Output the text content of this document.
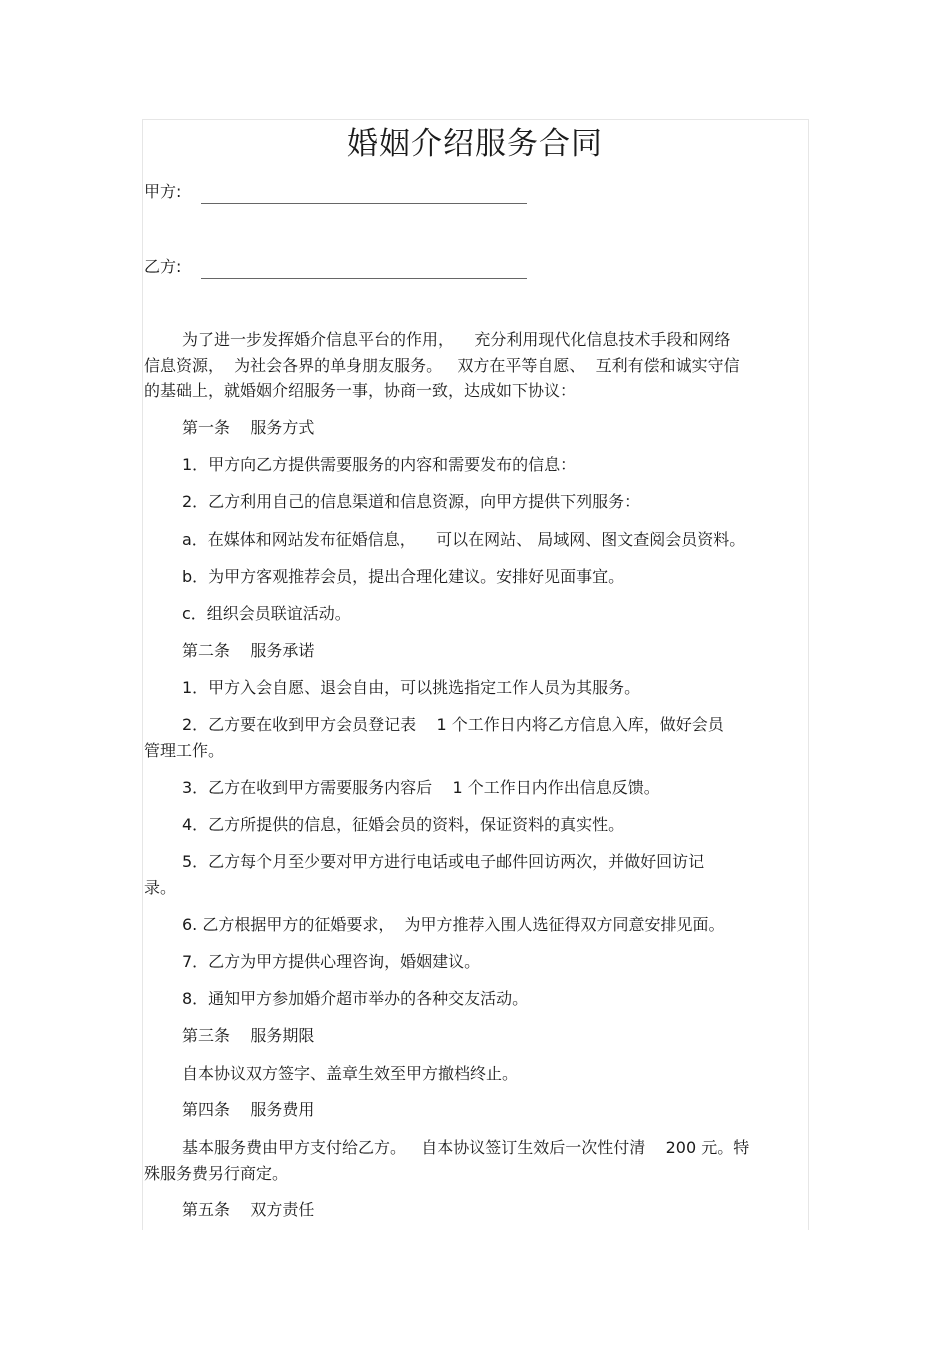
婚姻介绍服务合同
甲方:
乙方:
为了进一步发挥婚介信息平台的作用，    充分利用现代化信息技术手段和网络
信息资源，  为社会各界的单身朋友服务。   双方在平等自愿、  互利有偿和诚实守信
的基础上，就婚姻介绍服务一事，协商一致，达成如下协议：
第一条    服务方式
1．甲方向乙方提供需要服务的内容和需要发布的信息：
2．乙方利用自己的信息渠道和信息资源，向甲方提供下列服务：
a．在媒体和网站发布征婚信息，    可以在网站、 局域网、图文查阅会员资料。
b．为甲方客观推荐会员，提出合理化建议。安排好见面事宜。
c．组织会员联谊活动。
第二条    服务承诺
1．甲方入会自愿、退会自由，可以挑选指定工作人员为其服务。
2．乙方要在收到甲方会员登记表    1 个工作日内将乙方信息入库，做好会员
管理工作。
3．乙方在收到甲方需要服务内容后    1 个工作日内作出信息反馈。
4．乙方所提供的信息，征婚会员的资料，保证资料的真实性。
5．乙方每个月至少要对甲方进行电话或电子邮件回访两次，并做好回访记
录。
6. 乙方根据甲方的征婚要求，  为甲方推荐入围人选征得双方同意安排见面。
7．乙方为甲方提供心理咨询，婚姻建议。
8．通知甲方参加婚介超市举办的各种交友活动。
第三条    服务期限
自本协议双方签字、盖章生效至甲方撤档终止。
第四条    服务费用
基本服务费由甲方支付给乙方。   自本协议签订生效后一次性付清    200 元。特
殊服务费另行商定。
第五条    双方责任
